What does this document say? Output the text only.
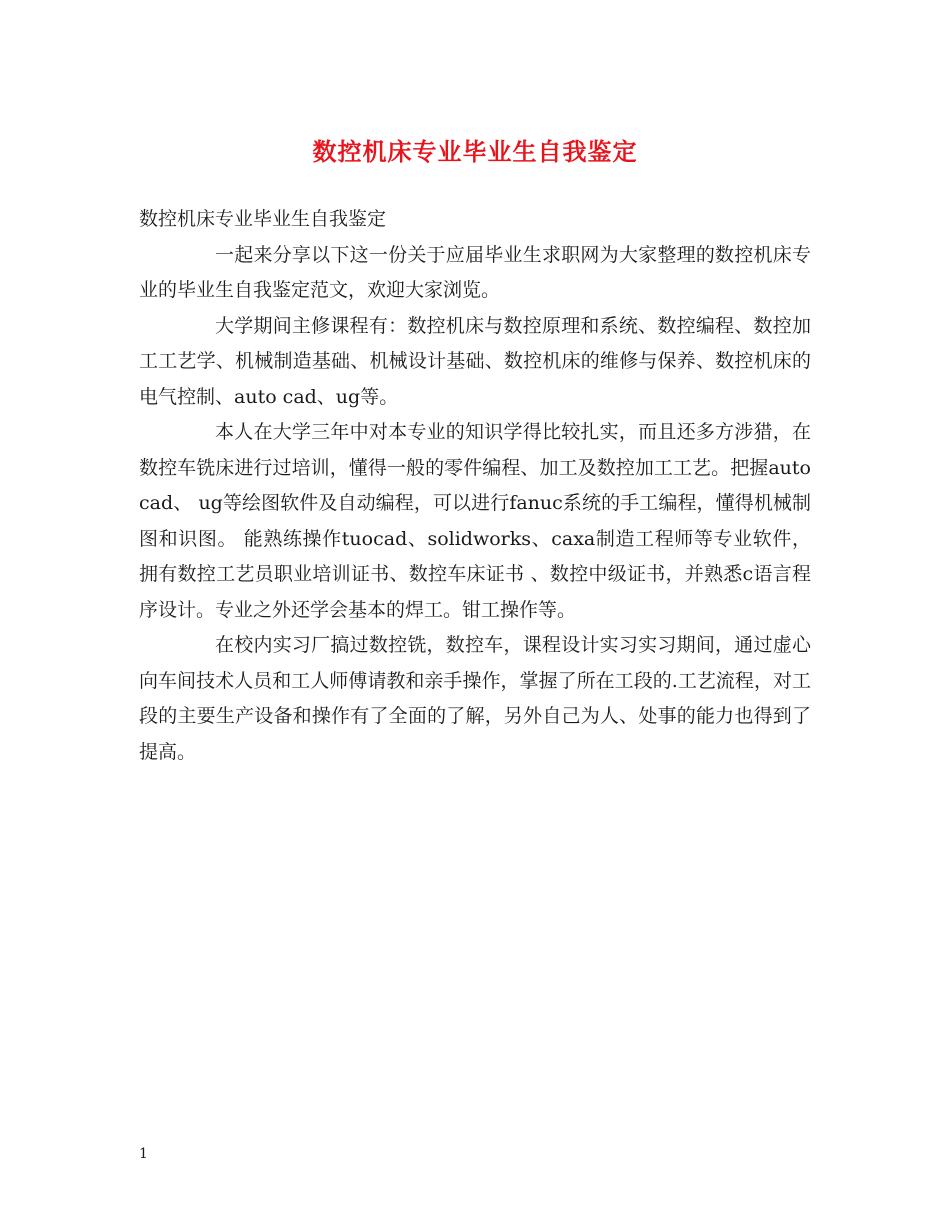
数控机床专业毕业生自我鉴定

数控机床专业毕业生自我鉴定

一起来分享以下这一份关于应届毕业生求职网为大家整理的数控机床专业的毕业生自我鉴定范文，欢迎大家浏览。

大学期间主修课程有：数控机床与数控原理和系统、数控编程、数控加工工艺学、机械制造基础、机械设计基础、数控机床的维修与保养、数控机床的电气控制、auto cad、ug等。

本人在大学三年中对本专业的知识学得比较扎实，而且还多方涉猎，在数控车铣床进行过培训，懂得一般的零件编程、加工及数控加工工艺。把握auto cad、 ug等绘图软件及自动编程，可以进行fanuc系统的手工编程，懂得机械制图和识图。 能熟练操作tuocad、solidworks、caxa制造工程师等专业软件，拥有数控工艺员职业培训证书、数控车床证书 、数控中级证书，并熟悉c语言程序设计。专业之外还学会基本的焊工。钳工操作等。

在校内实习厂搞过数控铣，数控车，课程设计实习实习期间，通过虚心向车间技术人员和工人师傅请教和亲手操作，掌握了所在工段的.工艺流程，对工段的主要生产设备和操作有了全面的了解，另外自己为人、处事的能力也得到了提高。

1
